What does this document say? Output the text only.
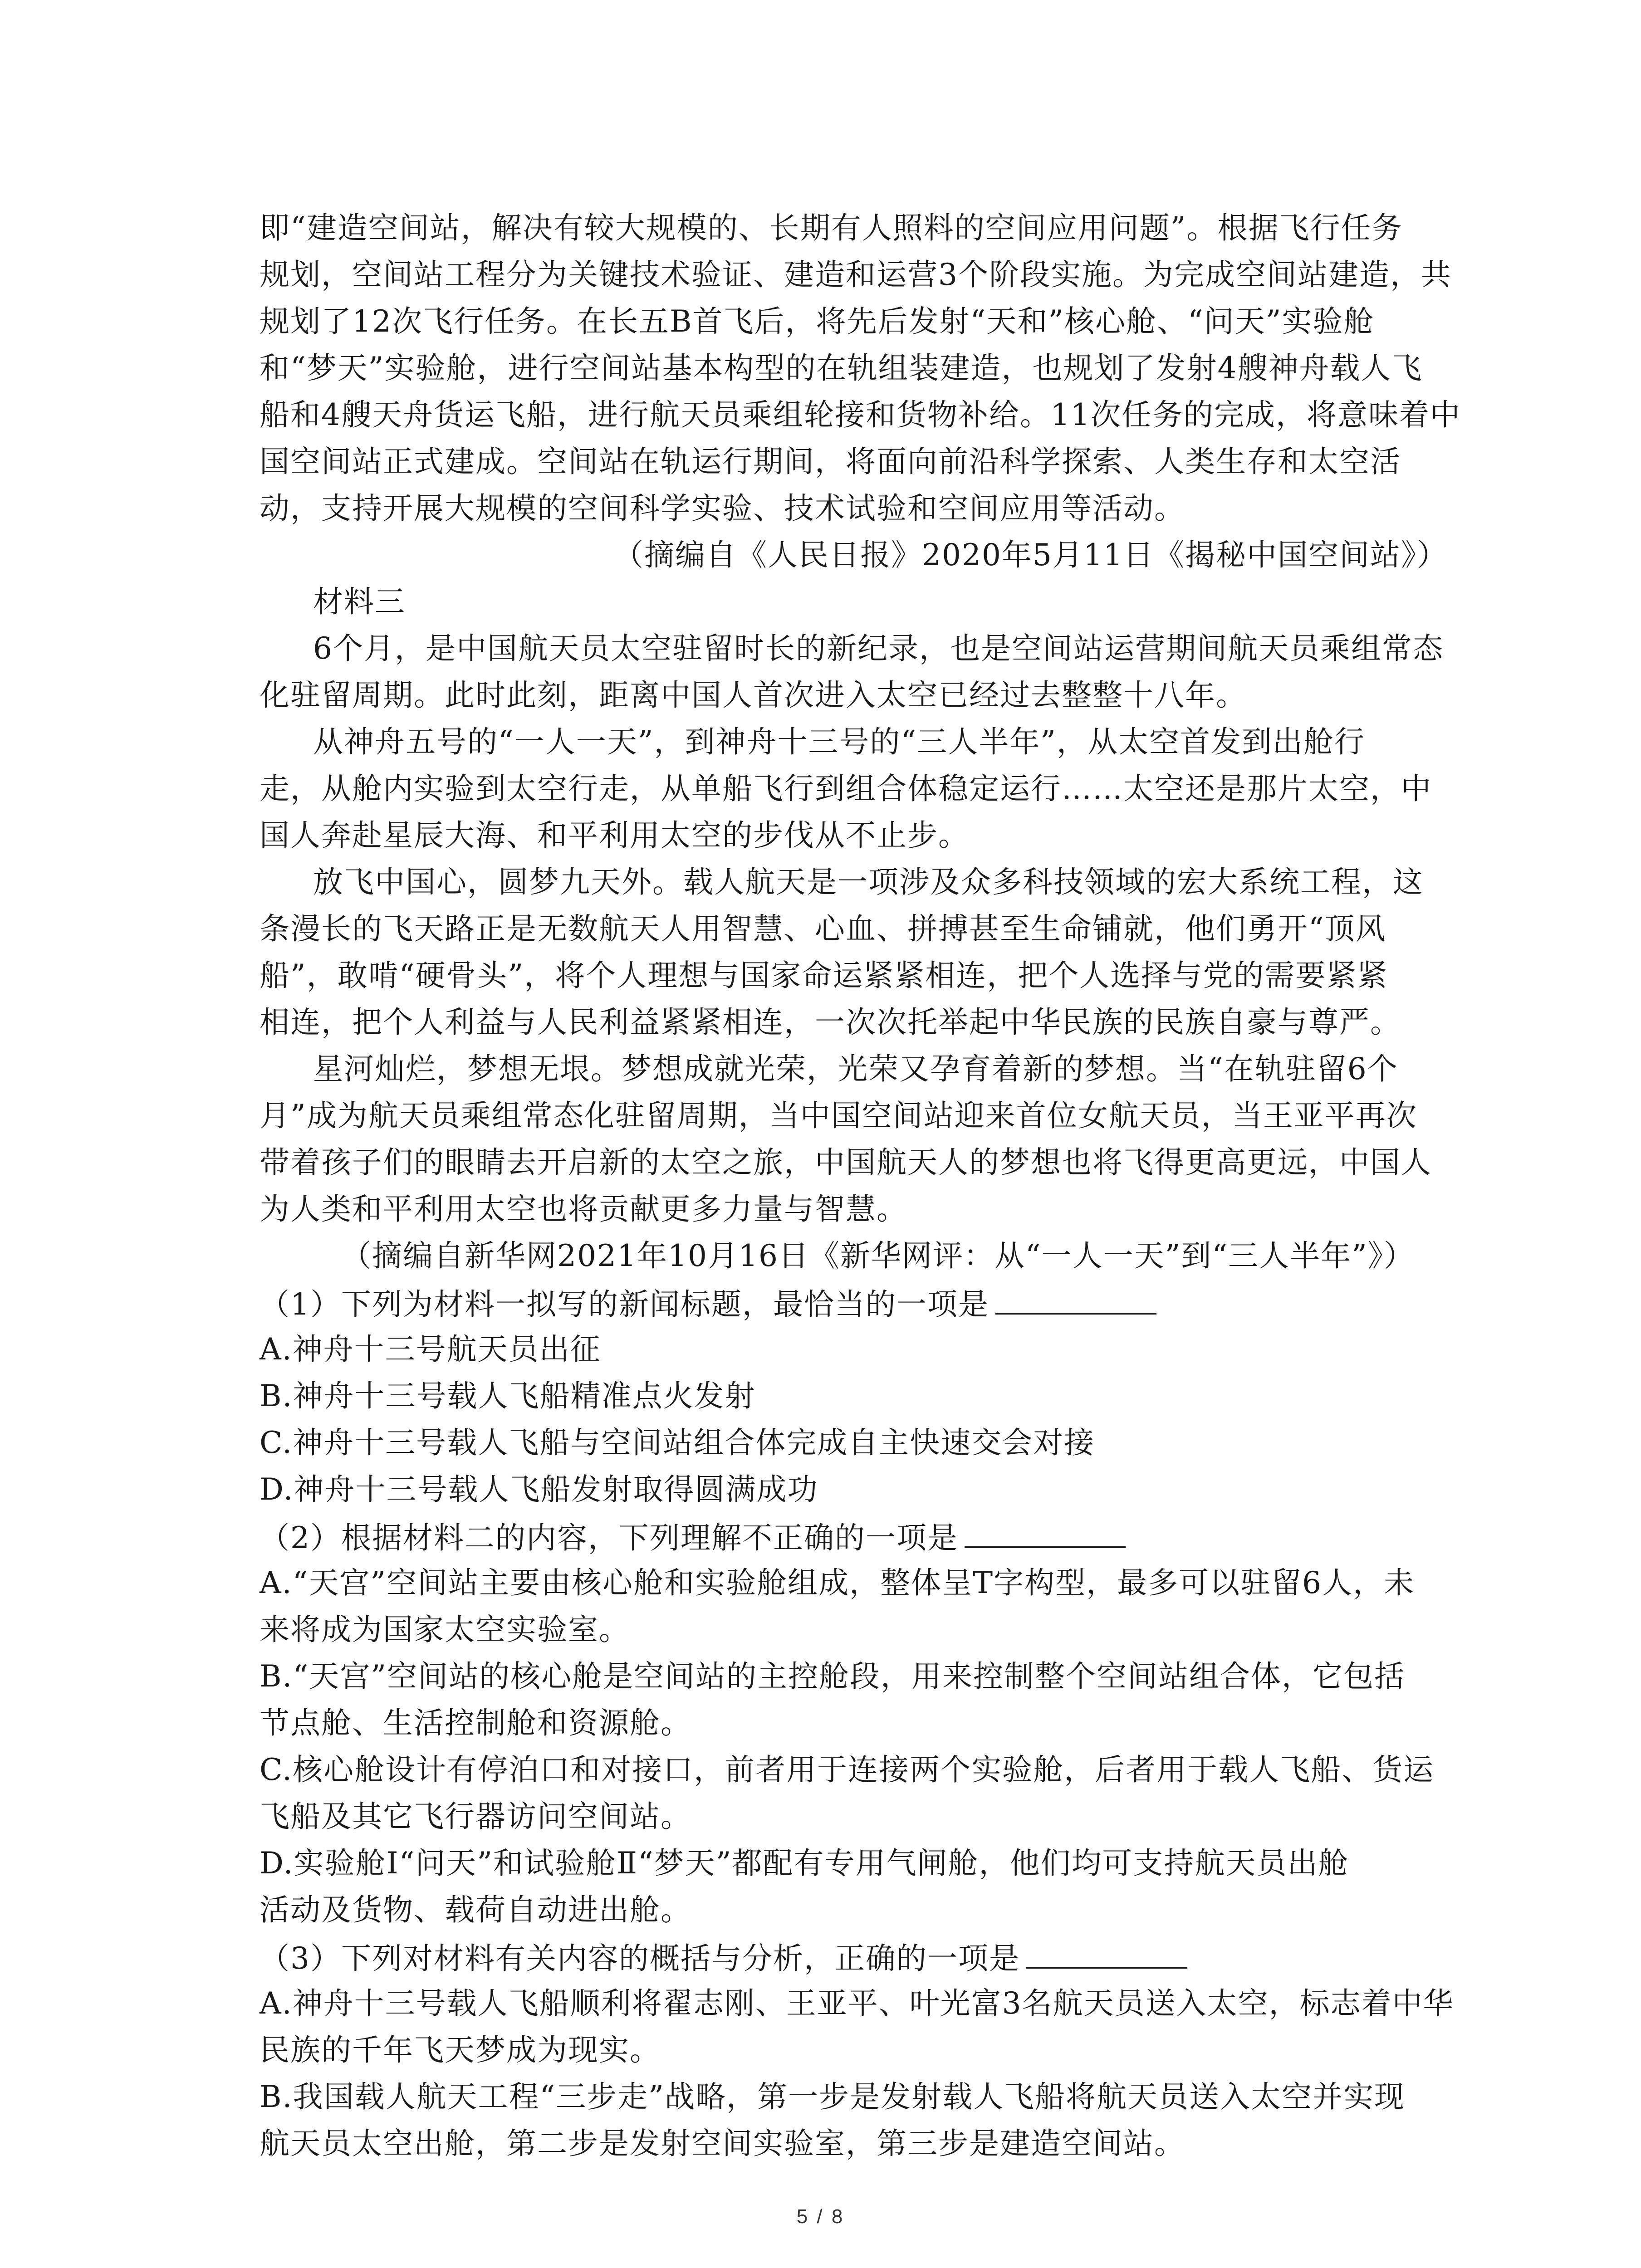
即“建造空间站，解决有较大规模的、长期有人照料的空间应用问题”。根据飞行任务
规划，空间站工程分为关键技术验证、建造和运营3个阶段实施。为完成空间站建造，共
规划了12次飞行任务。在长五B首飞后，将先后发射“天和”核心舱、“问天”实验舱
和“梦天”实验舱，进行空间站基本构型的在轨组装建造，也规划了发射4艘神舟载人飞
船和4艘天舟货运飞船，进行航天员乘组轮接和货物补给。11次任务的完成，将意味着中
国空间站正式建成。空间站在轨运行期间，将面向前沿科学探索、人类生存和太空活
动，支持开展大规模的空间科学实验、技术试验和空间应用等活动。
（摘编自《人民日报》2020年5月11日《揭秘中国空间站》）
材料三
6个月，是中国航天员太空驻留时长的新纪录，也是空间站运营期间航天员乘组常态
化驻留周期。此时此刻，距离中国人首次进入太空已经过去整整十八年。
从神舟五号的“一人一天”，到神舟十三号的“三人半年”，从太空首发到出舱行
走，从舱内实验到太空行走，从单船飞行到组合体稳定运行……太空还是那片太空，中
国人奔赴星辰大海、和平利用太空的步伐从不止步。
放飞中国心，圆梦九天外。载人航天是一项涉及众多科技领域的宏大系统工程，这
条漫长的飞天路正是无数航天人用智慧、心血、拼搏甚至生命铺就，他们勇开“顶风
船”，敢啃“硬骨头”，将个人理想与国家命运紧紧相连，把个人选择与党的需要紧紧
相连，把个人利益与人民利益紧紧相连，一次次托举起中华民族的民族自豪与尊严。
星河灿烂，梦想无垠。梦想成就光荣，光荣又孕育着新的梦想。当“在轨驻留6个
月”成为航天员乘组常态化驻留周期，当中国空间站迎来首位女航天员，当王亚平再次
带着孩子们的眼睛去开启新的太空之旅，中国航天人的梦想也将飞得更高更远，中国人
为人类和平利用太空也将贡献更多力量与智慧。
（摘编自新华网2021年10月16日《新华网评：从“一人一天”到“三人半年”》）
（1）下列为材料一拟写的新闻标题，最恰当的一项是
A.神舟十三号航天员出征
B.神舟十三号载人飞船精准点火发射
C.神舟十三号载人飞船与空间站组合体完成自主快速交会对接
D.神舟十三号载人飞船发射取得圆满成功
（2）根据材料二的内容，下列理解不正确的一项是
A.“天宫”空间站主要由核心舱和实验舱组成，整体呈T字构型，最多可以驻留6人，未
来将成为国家太空实验室。
B.“天宫”空间站的核心舱是空间站的主控舱段，用来控制整个空间站组合体，它包括
节点舱、生活控制舱和资源舱。
C.核心舱设计有停泊口和对接口，前者用于连接两个实验舱，后者用于载人飞船、货运
飞船及其它飞行器访问空间站。
D.实验舱Ⅰ“问天”和试验舱Ⅱ“梦天”都配有专用气闸舱，他们均可支持航天员出舱
活动及货物、载荷自动进出舱。
（3）下列对材料有关内容的概括与分析，正确的一项是
A.神舟十三号载人飞船顺利将翟志刚、王亚平、叶光富3名航天员送入太空，标志着中华
民族的千年飞天梦成为现实。
B.我国载人航天工程“三步走”战略，第一步是发射载人飞船将航天员送入太空并实现
航天员太空出舱，第二步是发射空间实验室，第三步是建造空间站。
5 / 8
